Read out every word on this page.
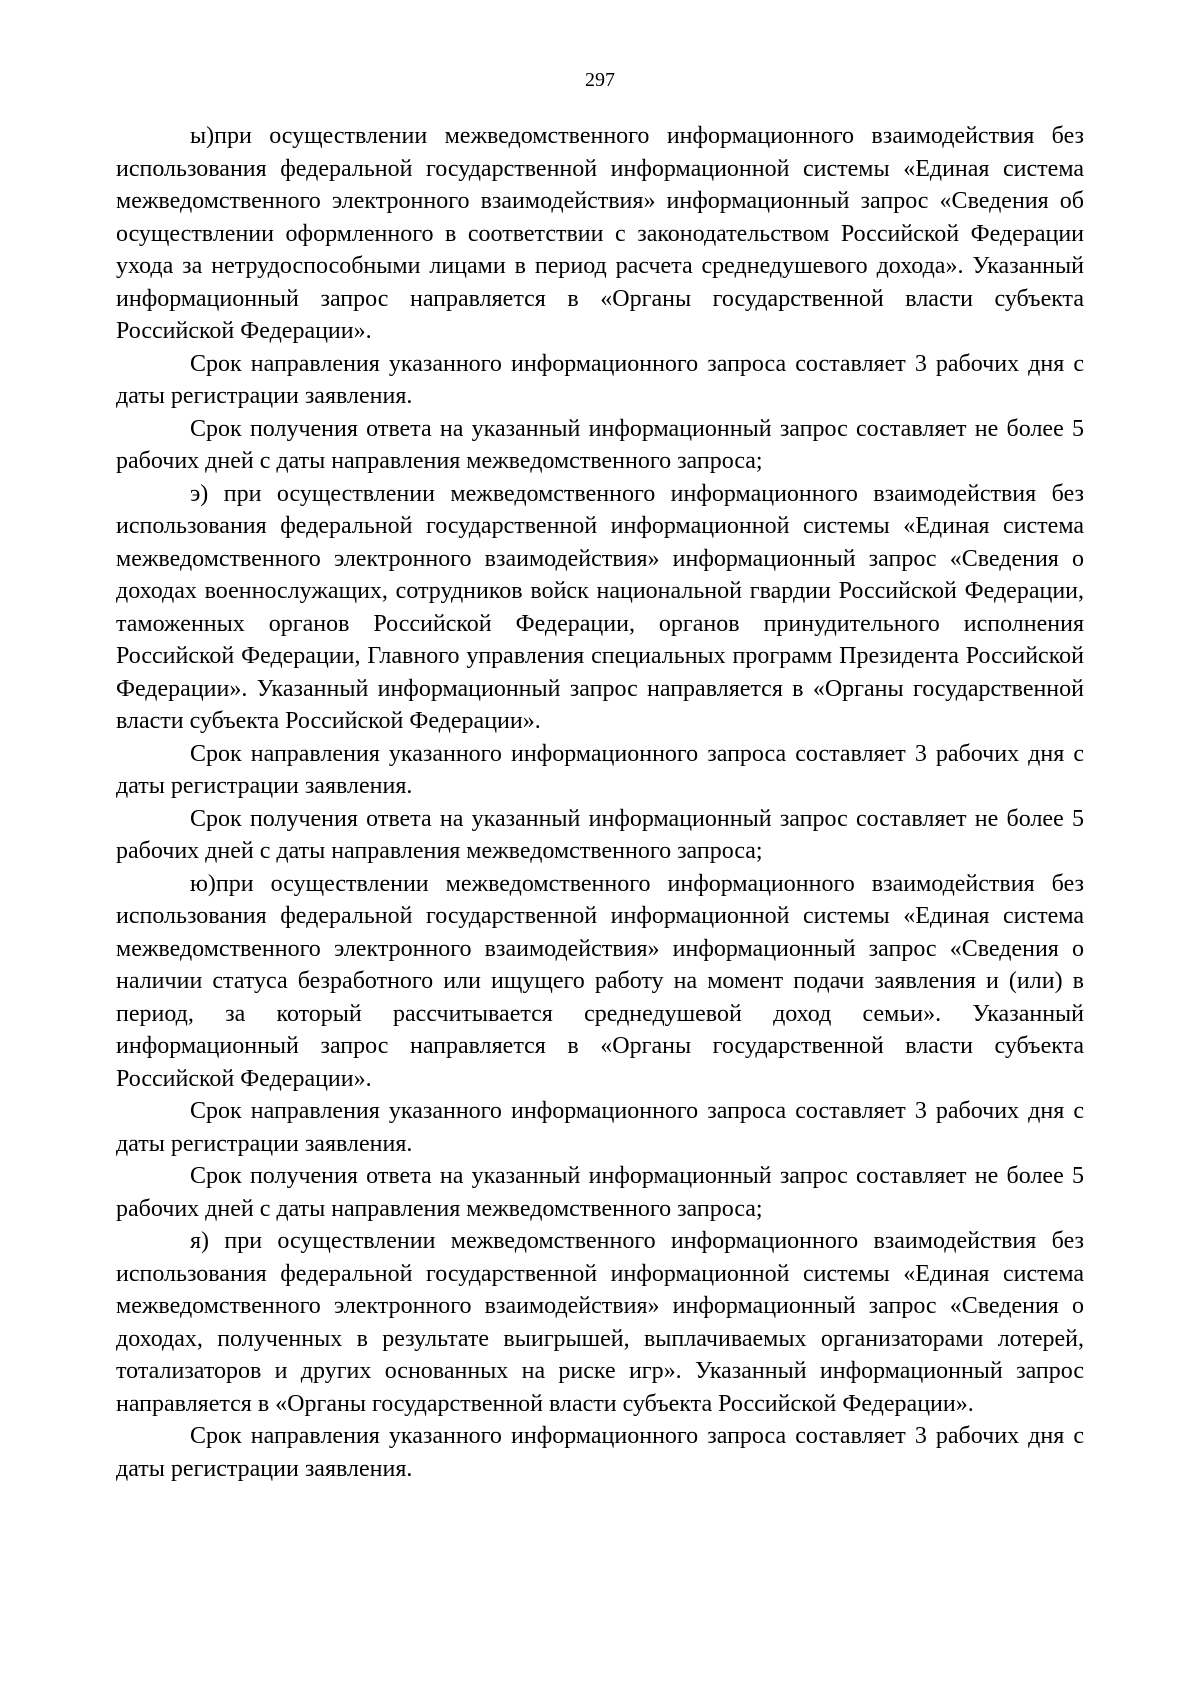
297

ы)при осуществлении межведомственного информационного взаимодействия без использования федеральной государственной информационной системы «Единая система межведомственного электронного взаимодействия» информационный запрос «Сведения об осуществлении оформленного в соответствии с законодательством Российской Федерации ухода за нетрудоспособными лицами в период расчета среднедушевого дохода». Указанный информационный запрос направляется в «Органы государственной власти субъекта Российской Федерации».

Срок направления указанного информационного запроса составляет 3 рабочих дня с даты регистрации заявления.

Срок получения ответа на указанный информационный запрос составляет не более 5 рабочих дней с даты направления межведомственного запроса;

э) при осуществлении межведомственного информационного взаимодействия без использования федеральной государственной информационной системы «Единая система межведомственного электронного взаимодействия» информационный запрос «Сведения о доходах военнослужащих, сотрудников войск национальной гвардии Российской Федерации, таможенных органов Российской Федерации, органов принудительного исполнения Российской Федерации, Главного управления специальных программ Президента Российской Федерации». Указанный информационный запрос направляется в «Органы государственной власти субъекта Российской Федерации».

Срок направления указанного информационного запроса составляет 3 рабочих дня с даты регистрации заявления.

Срок получения ответа на указанный информационный запрос составляет не более 5 рабочих дней с даты направления межведомственного запроса;

ю)при осуществлении межведомственного информационного взаимодействия без использования федеральной государственной информационной системы «Единая система межведомственного электронного взаимодействия» информационный запрос «Сведения о наличии статуса безработного или ищущего работу на момент подачи заявления и (или) в период, за который рассчитывается среднедушевой доход семьи». Указанный информационный запрос направляется в «Органы государственной власти субъекта Российской Федерации».

Срок направления указанного информационного запроса составляет 3 рабочих дня с даты регистрации заявления.

Срок получения ответа на указанный информационный запрос составляет не более 5 рабочих дней с даты направления межведомственного запроса;

я) при осуществлении межведомственного информационного взаимодействия без использования федеральной государственной информационной системы «Единая система межведомственного электронного взаимодействия» информационный запрос «Сведения о доходах, полученных в результате выигрышей, выплачиваемых организаторами лотерей, тотализаторов и других основанных на риске игр». Указанный информационный запрос направляется в «Органы государственной власти субъекта Российской Федерации».

Срок направления указанного информационного запроса составляет 3 рабочих дня с даты регистрации заявления.
